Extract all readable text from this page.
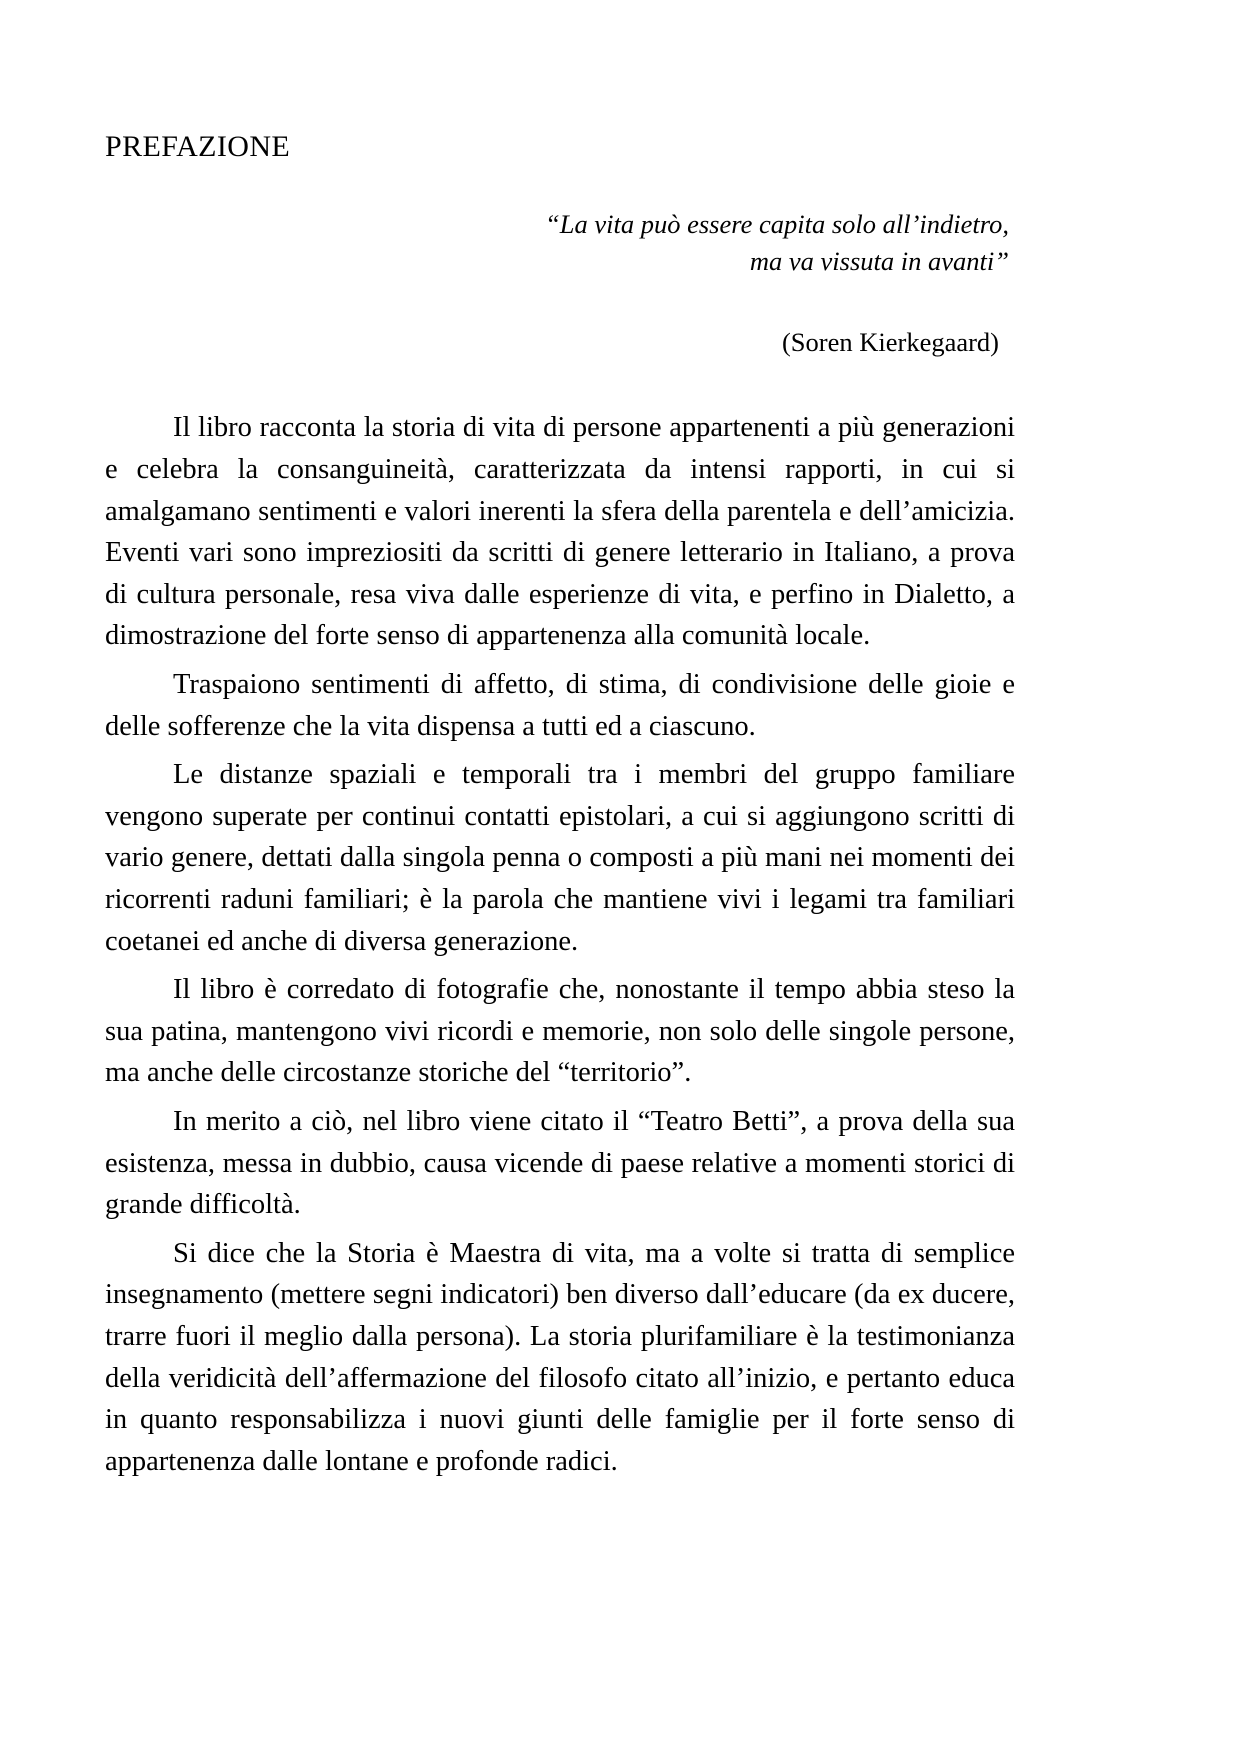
PREFAZIONE
“La vita può essere capita solo all’indietro,
ma va vissuta in avanti”

(Soren Kierkegaard)

Il libro racconta la storia di vita di persone appartenenti a più generazioni e celebra la consanguineità, caratterizzata da intensi rapporti, in cui si amalgamano sentimenti e valori inerenti la sfera della parentela e dell’amicizia. Eventi vari sono impreziositi da scritti di genere letterario in Italiano, a prova di cultura personale, resa viva dalle esperienze di vita, e perfino in Dialetto, a dimostrazione del forte senso di appartenenza alla comunità locale.

Traspaiono sentimenti di affetto, di stima, di condivisione delle gioie e delle sofferenze che la vita dispensa a tutti ed a ciascuno.

Le distanze spaziali e temporali tra i membri del gruppo familiare vengono superate per continui contatti epistolari, a cui si aggiungono scritti di vario genere, dettati dalla singola penna o composti a più mani nei momenti dei ricorrenti raduni familiari; è la parola che mantiene vivi i legami tra familiari coetanei ed anche di diversa generazione.

Il libro è corredato di fotografie che, nonostante il tempo abbia steso la sua patina, mantengono vivi ricordi e memorie, non solo delle singole persone, ma anche delle circostanze storiche del “territorio”.

In merito a ciò, nel libro viene citato il “Teatro Betti”, a prova della sua esistenza, messa in dubbio, causa vicende di paese relative a momenti storici di grande difficoltà.

Si dice che la Storia è Maestra di vita, ma a volte si tratta di semplice insegnamento (mettere segni indicatori) ben diverso dall’educare (da ex ducere, trarre fuori il meglio dalla persona). La storia plurifamiliare è la testimonianza della veridicità dell’affermazione del filosofo citato all’inizio, e pertanto educa in quanto responsabilizza i nuovi giunti delle famiglie per il forte senso di appartenenza dalle lontane e profonde radici.
